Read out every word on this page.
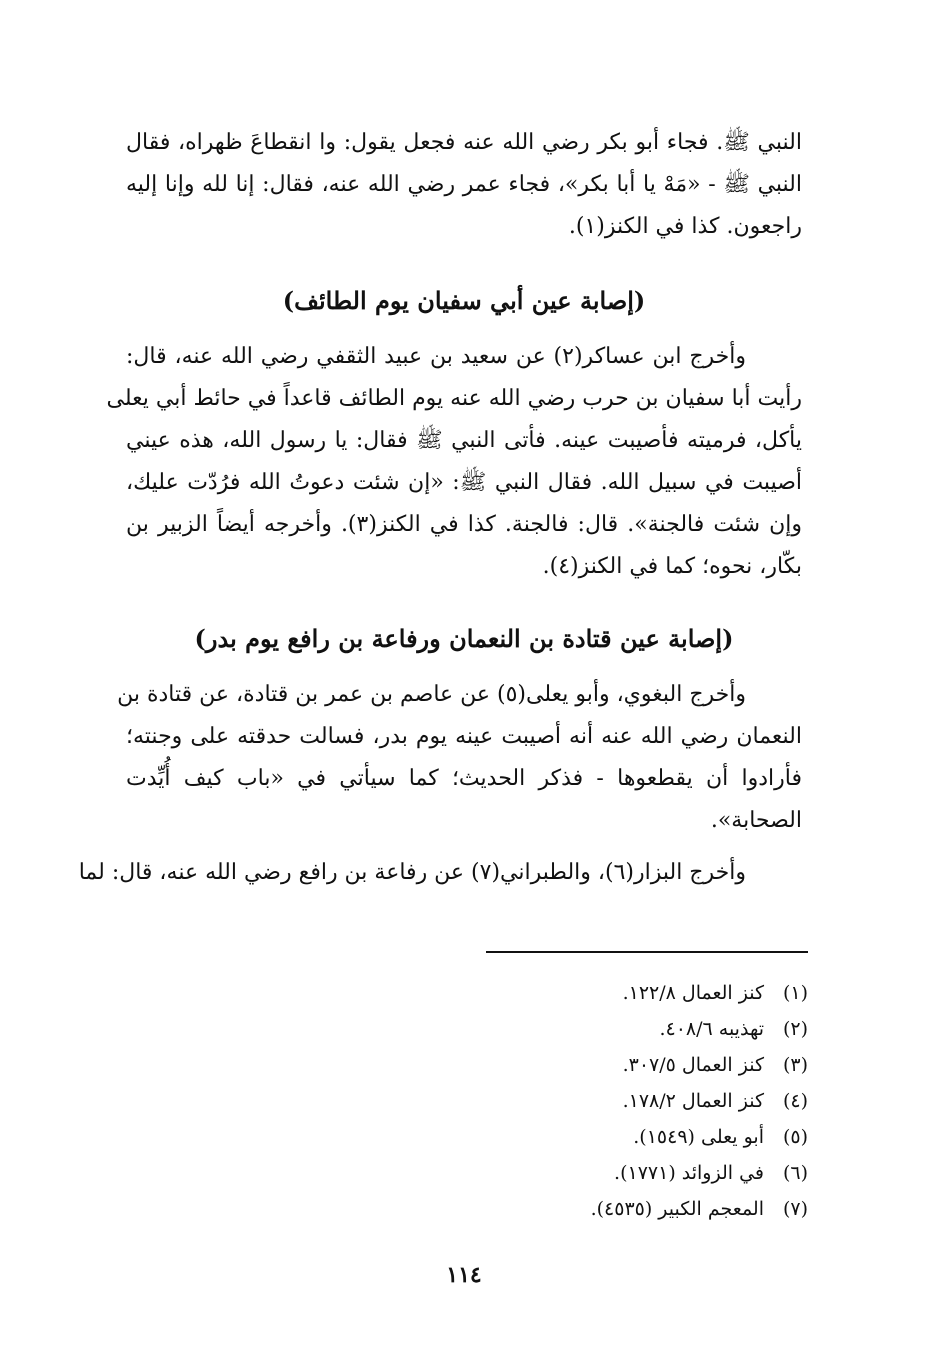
النبي ﷺ. فجاء أبو بكر رضي الله عنه فجعل يقول: وا انقطاعَ ظهراه، فقال
النبي ﷺ - «مَهْ يا أبا بكر»، فجاء عمر رضي الله عنه، فقال: إنا لله وإنا إليه
راجعون. كذا في الكنز(١).
(إصابة عين أبي سفيان يوم الطائف)
وأخرج ابن عساكر(٢) عن سعيد بن عبيد الثقفي رضي الله عنه، قال:
رأيت أبا سفيان بن حرب رضي الله عنه يوم الطائف قاعداً في حائط أبي يعلى
يأكل، فرميته فأصيبت عينه. فأتى النبي ﷺ فقال: يا رسول الله، هذه عيني
أصيبت في سبيل الله. فقال النبي ﷺ: «إن شئت دعوتُ الله فرُدّت عليك،
وإن شئت فالجنة». قال: فالجنة. كذا في الكنز(٣). وأخرجه أيضاً الزبير بن
بكّار، نحوه؛ كما في الكنز(٤).
(إصابة عين قتادة بن النعمان ورفاعة بن رافع يوم بدر)
وأخرج البغوي، وأبو يعلى(٥) عن عاصم بن عمر بن قتادة، عن قتادة بن
النعمان رضي الله عنه أنه أصيبت عينه يوم بدر، فسالت حدقته على وجنته؛
فأرادوا أن يقطعوها - فذكر الحديث؛ كما سيأتي في «باب كيف أُيِّدت
الصحابة».
وأخرج البزار(٦)، والطبراني(٧) عن رفاعة بن رافع رضي الله عنه، قال: لما
(١)كنز العمال ١٢٢/٨.
(٢)تهذيبه ٤٠٨/٦.
(٣)كنز العمال ٣٠٧/٥.
(٤)كنز العمال ١٧٨/٢.
(٥)أبو يعلى (١٥٤٩).
(٦)في الزوائد (١٧٧١).
(٧)المعجم الكبير (٤٥٣٥).
١١٤
